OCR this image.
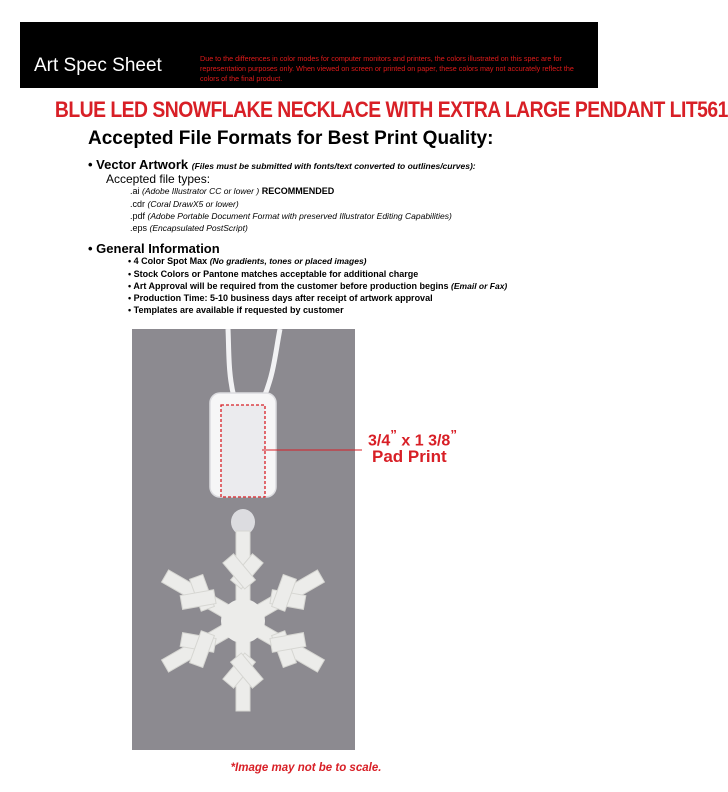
Art Spec Sheet	Due to the differences in color modes for computer monitors and printers, the colors illustrated on this spec are for representation purposes only. When viewed on screen or printed on paper, these colors may not accurately reflect the colors of the final product.
BLUE LED SNOWFLAKE NECKLACE WITH EXTRA LARGE PENDANT LIT561
Accepted File Formats for Best Print Quality:
• Vector Artwork (Files must be submitted with fonts/text converted to outlines/curves):
Accepted file types:
.ai (Adobe Illustrator CC or lower ) RECOMMENDED
.cdr (Coral DrawX5 or lower)
.pdf (Adobe Portable Document Format with preserved Illustrator Editing Capabilities)
.eps (Encapsulated PostScript)
• General Information
• 4 Color Spot Max (No gradients, tones or placed images)
• Stock Colors or Pantone matches acceptable for additional charge
• Art Approval will be required from the customer before production begins (Email or Fax)
• Production Time: 5-10 business days after receipt of artwork approval
• Templates are available if requested by customer
3/4” x 1 3/8”
Pad Print
*Image may not be to scale.
